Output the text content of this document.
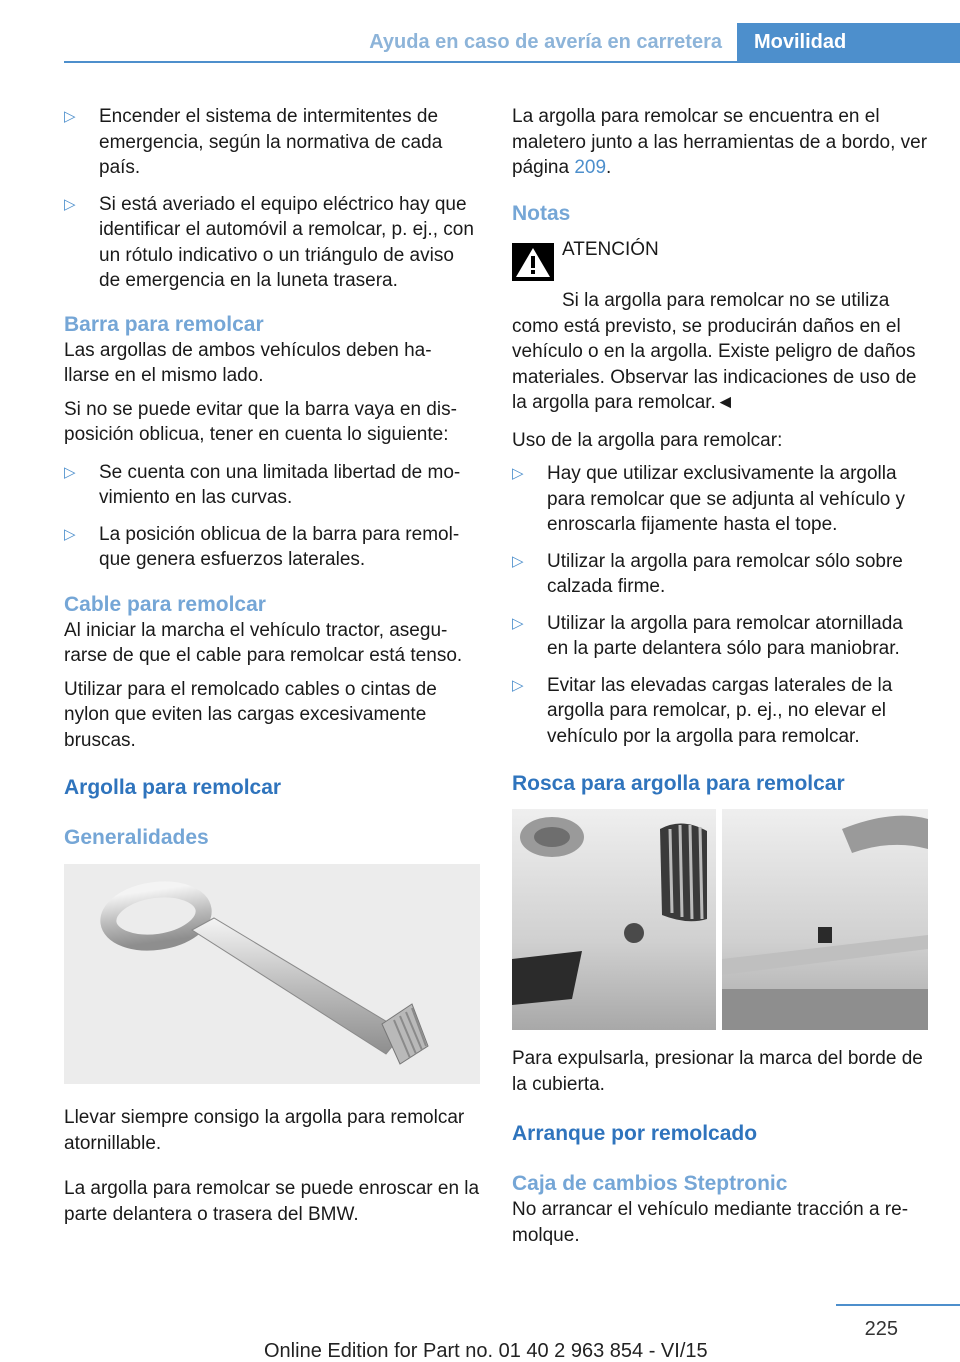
Ayuda en caso de avería en carretera	Movilidad
▷	Encender el sistema de intermitentes de emergencia, según la normativa de cada país.
▷	Si está averiado el equipo eléctrico hay que identificar el automóvil a remolcar, p. ej., con un rótulo indicativo o un triángulo de aviso de emergencia en la luneta trasera.
Barra para remolcar

Las argollas de ambos vehículos deben ha- llarse en el mismo lado.

Si no se puede evitar que la barra vaya en dis- posición oblicua, tener en cuenta lo siguiente:

▷	Se cuenta con una limitada libertad de mo- vimiento en las curvas.
▷	La posición oblicua de la barra para remol- que genera esfuerzos laterales.
Cable para remolcar

Al iniciar la marcha el vehículo tractor, asegu- rarse de que el cable para remolcar está tenso.

Utilizar para el remolcado cables o cintas de nylon que eviten las cargas excesivamente bruscas.

Argolla para remolcar
Generalidades

Llevar siempre consigo la argolla para remolcar atornillable.

La argolla para remolcar se puede enroscar en la parte delantera o trasera del BMW.

La argolla para remolcar se encuentra en el maletero junto a las herramientas de a bordo, ver página 209.

Notas
ATENCIÓN

Si la argolla para remolcar no se utiliza como está previsto, se producirán daños en el vehículo o en la argolla. Existe peligro de daños materiales. Observar las indicaciones de uso de la argolla para remolcar.◄

Uso de la argolla para remolcar:

▷	Hay que utilizar exclusivamente la argolla para remolcar que se adjunta al vehículo y enroscarla fijamente hasta el tope.
▷	Utilizar la argolla para remolcar sólo sobre calzada firme.
▷	Utilizar la argolla para remolcar atornillada en la parte delantera sólo para maniobrar.
▷	Evitar las elevadas cargas laterales de la argolla para remolcar, p. ej., no elevar el vehículo por la argolla para remolcar.
Rosca para argolla para remolcar

Para expulsarla, presionar la marca del borde de la cubierta.

Arranque por remolcado
Caja de cambios Steptronic

No arrancar el vehículo mediante tracción a re- molque.

225
Online Edition for Part no. 01 40 2 963 854 - VI/15
